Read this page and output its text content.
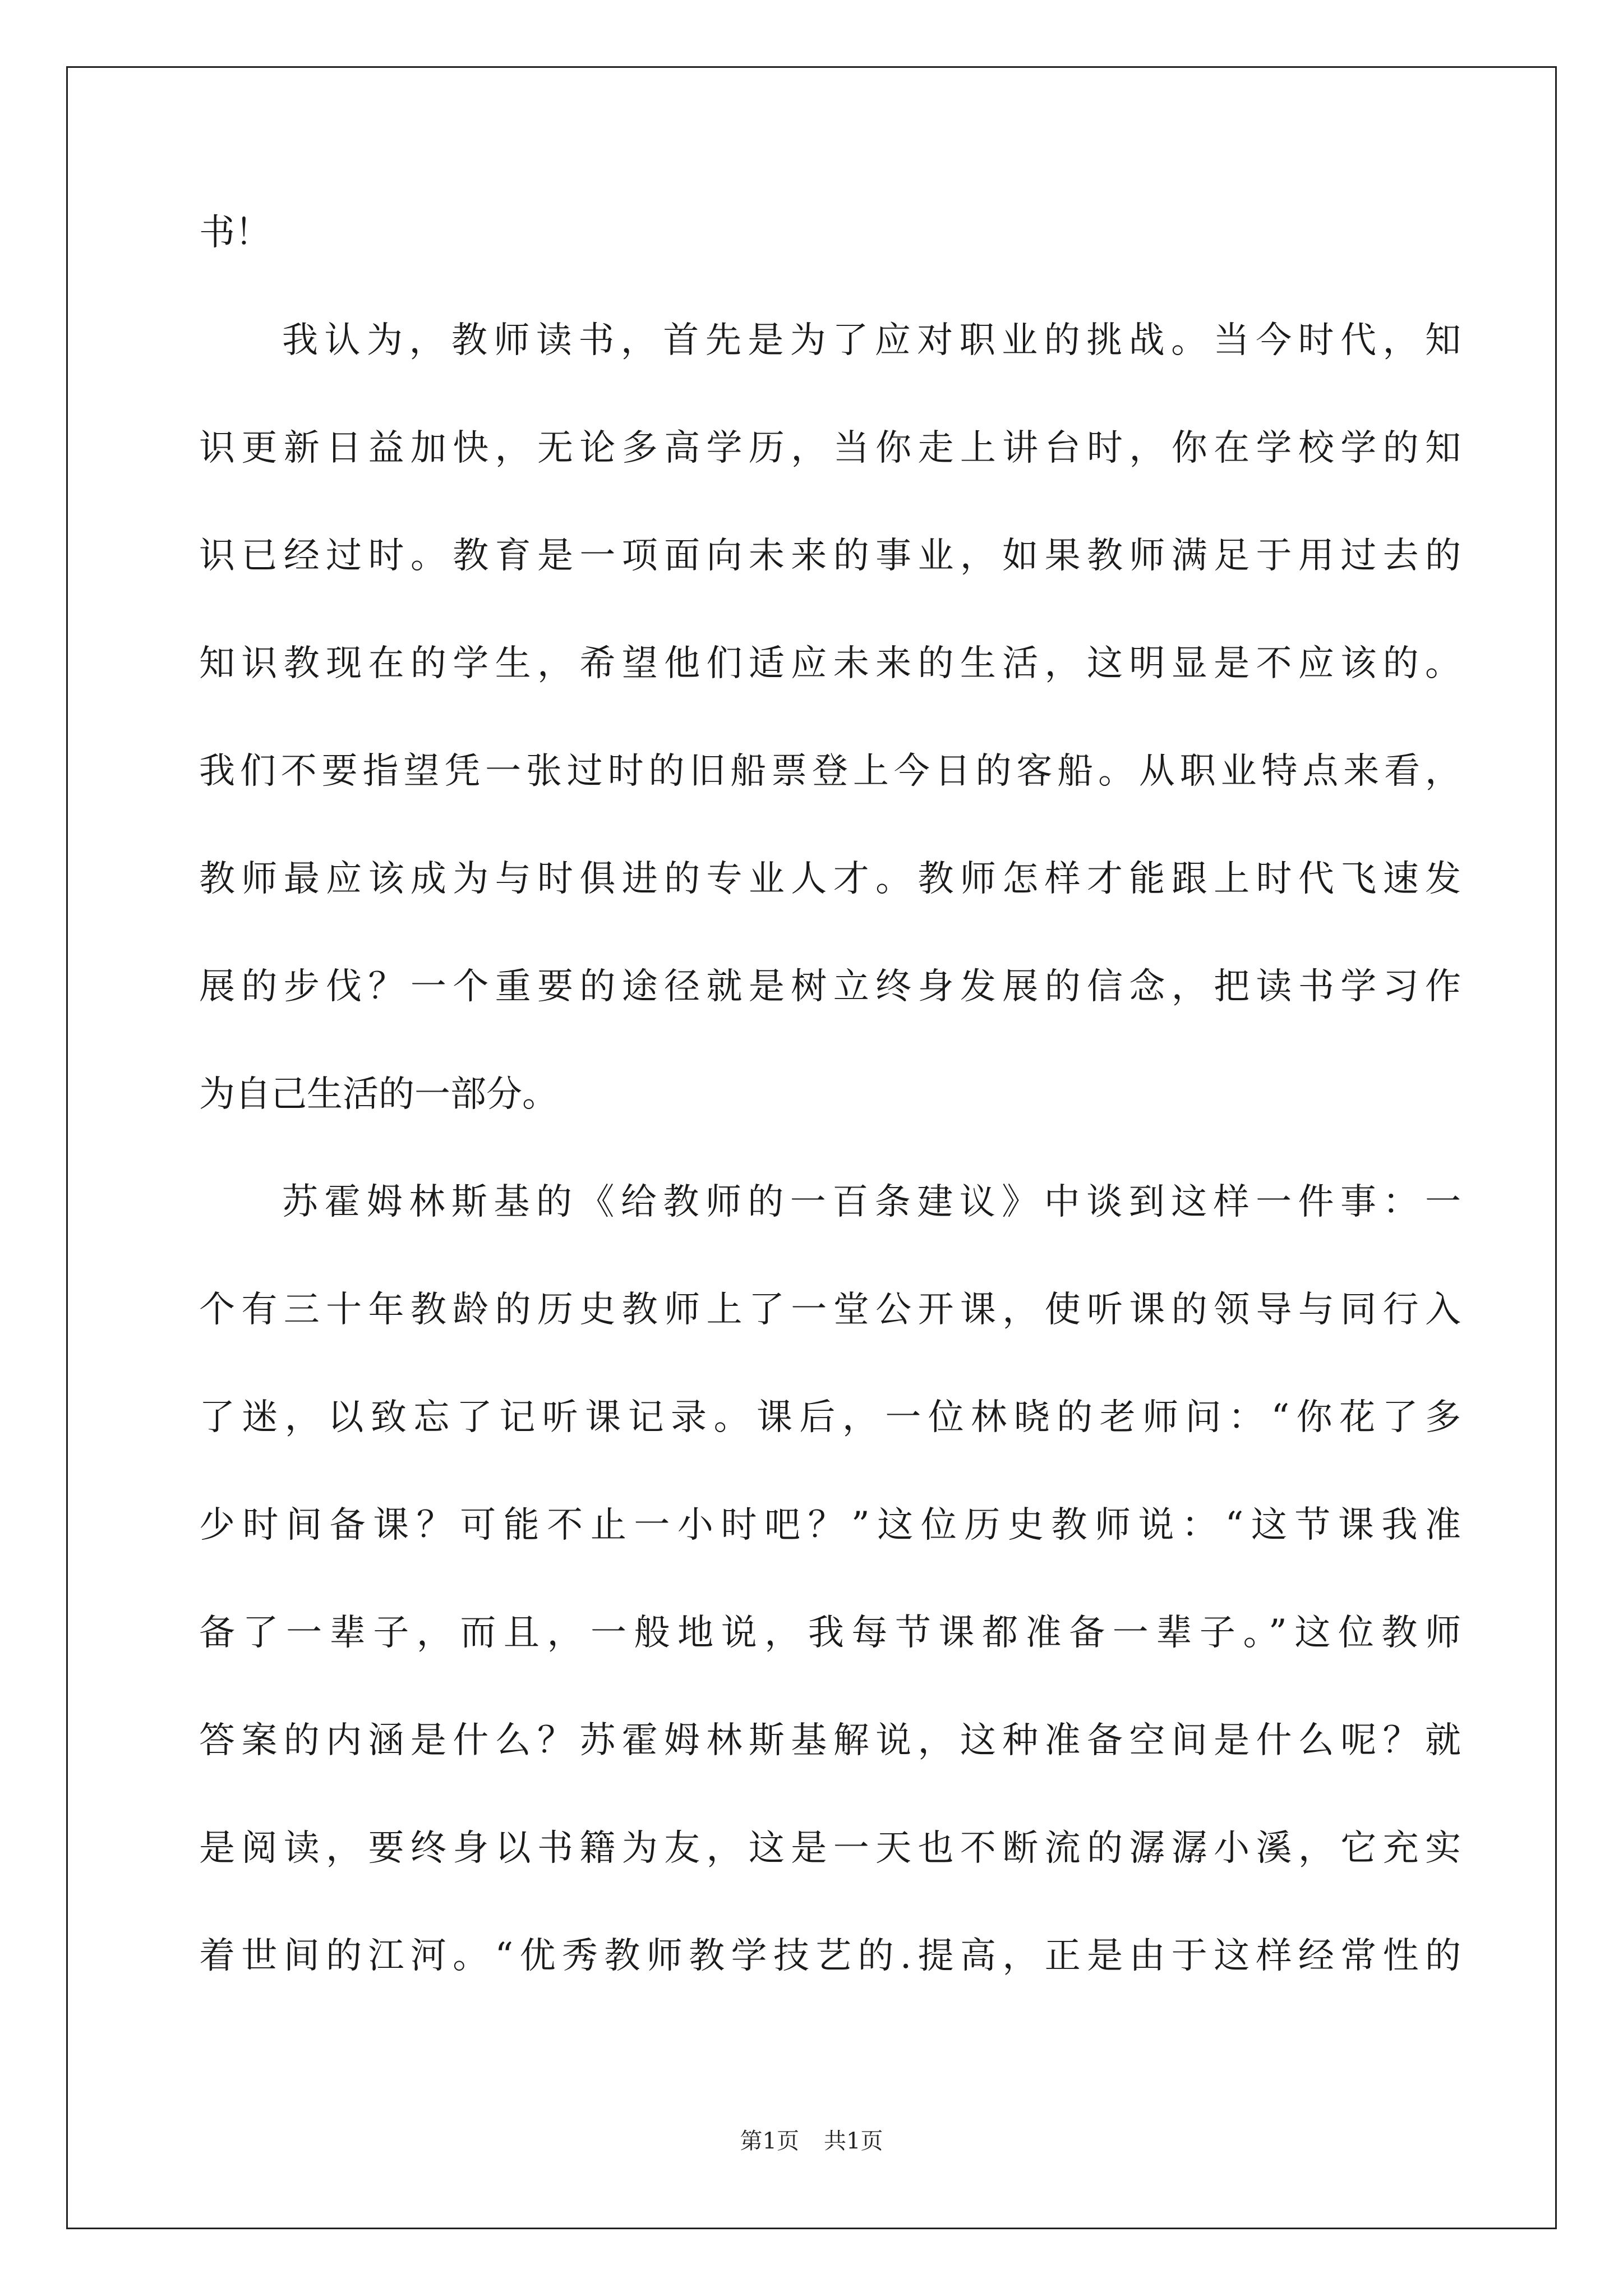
书！
我认为，教师读书，首先是为了应对职业的挑战。当今时代，知
识更新日益加快，无论多高学历，当你走上讲台时，你在学校学的知
识已经过时。教育是一项面向未来的事业，如果教师满足于用过去的
知识教现在的学生，希望他们适应未来的生活，这明显是不应该的。
我们不要指望凭一张过时的旧船票登上今日的客船。从职业特点来看，
教师最应该成为与时俱进的专业人才。教师怎样才能跟上时代飞速发
展的步伐？一个重要的途径就是树立终身发展的信念，把读书学习作
为自己生活的一部分。
苏霍姆林斯基的《给教师的一百条建议》中谈到这样一件事：一
个有三十年教龄的历史教师上了一堂公开课，使听课的领导与同行入
了迷，以致忘了记听课记录。课后，一位林晓的老师问：“你花了多
少时间备课？可能不止一小时吧？”这位历史教师说：“这节课我准
备了一辈子，而且，一般地说，我每节课都准备一辈子。”这位教师
答案的内涵是什么？苏霍姆林斯基解说，这种准备空间是什么呢？就
是阅读，要终身以书籍为友，这是一天也不断流的潺潺小溪，它充实
着世间的江河。“优秀教师教学技艺的.提高，正是由于这样经常性的
第1页 共1页
